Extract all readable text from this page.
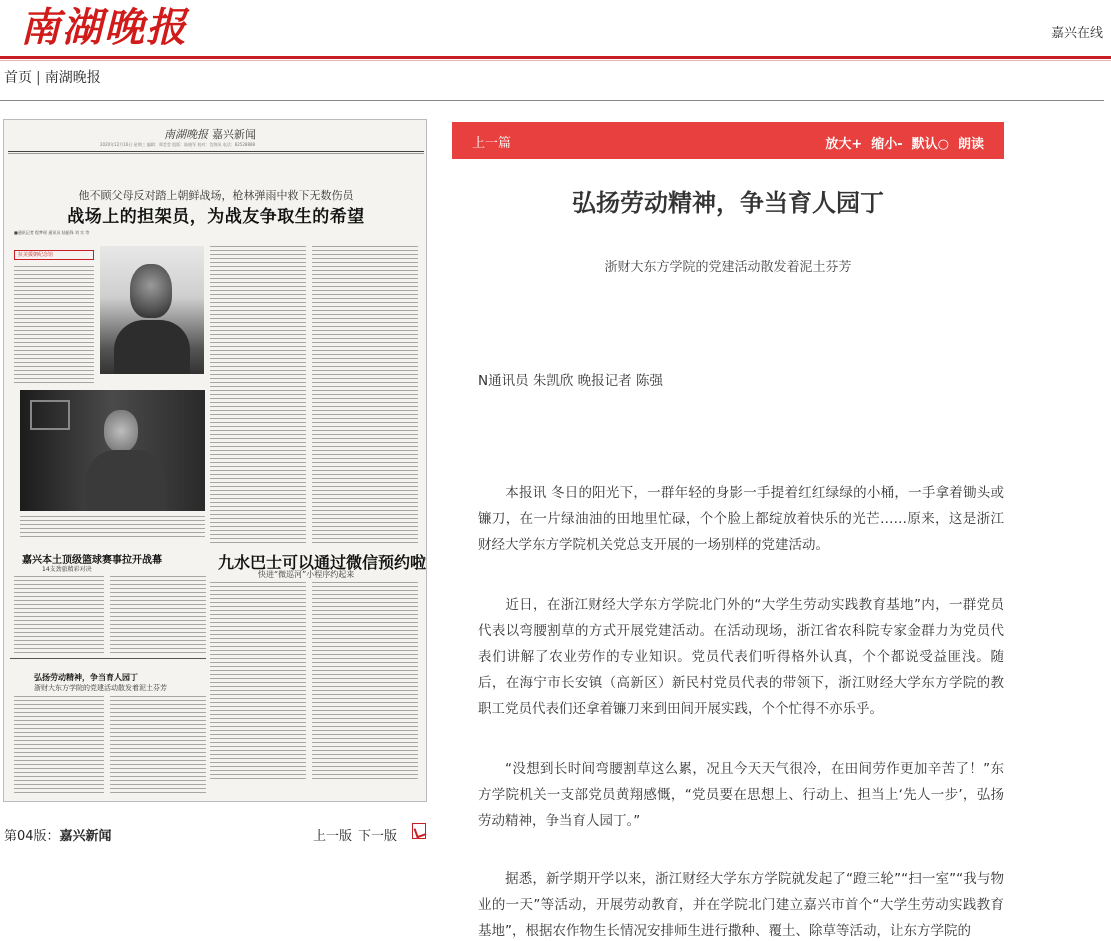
南湖晚报	嘉兴在线
首页 | 南湖晚报
南湖晚报 嘉兴新闻
2020年12月16日 星期三 编辑：郑莹莹 组版：陆晓军 校对：沈锦凤 电话：82528888
他不顾父母反对踏上朝鲜战场，枪林弹雨中救下无数伤员
战场上的担架员，为战友争取生的希望
■通讯记者 程梦瑶 通讯员 陆振锋 刘 实 等
抗美援朝纪念馆
嘉兴本土顶级篮球赛事拉开战幕
14支劲旅精彩对决	九水巴士可以通过微信预约啦
快进“微巡河”小程序约起来
弘扬劳动精神，争当育人园丁
浙财大东方学院的党建活动散发着泥土芬芳
第04版：嘉兴新闻	上一版 下一版
上一篇	放大+ 缩小- 默认○ 朗读
弘扬劳动精神，争当育人园丁
浙财大东方学院的党建活动散发着泥土芬芳
N通讯员 朱凯欣 晚报记者 陈强

本报讯 冬日的阳光下，一群年轻的身影一手提着红红绿绿的小桶，一手拿着锄头或镰刀，在一片绿油油的田地里忙碌，个个脸上都绽放着快乐的光芒……原来，这是浙江财经大学东方学院机关党总支开展的一场别样的党建活动。

近日，在浙江财经大学东方学院北门外的“大学生劳动实践教育基地”内，一群党员代表以弯腰割草的方式开展党建活动。在活动现场，浙江省农科院专家金群力为党员代表们讲解了农业劳作的专业知识。党员代表们听得格外认真，个个都说受益匪浅。随后，在海宁市长安镇（高新区）新民村党员代表的带领下，浙江财经大学东方学院的教职工党员代表们还拿着镰刀来到田间开展实践，个个忙得不亦乐乎。

“没想到长时间弯腰割草这么累，况且今天天气很冷，在田间劳作更加辛苦了！”东方学院机关一支部党员黄翔感慨，“党员要在思想上、行动上、担当上‘先人一步’，弘扬劳动精神，争当育人园丁。”

据悉，新学期开学以来，浙江财经大学东方学院就发起了“蹬三轮”“扫一室”“我与物业的一天”等活动，开展劳动教育，并在学院北门建立嘉兴市首个“大学生劳动实践教育基地”，根据农作物生长情况安排师生进行撒种、覆土、除草等活动，让东方学院的
